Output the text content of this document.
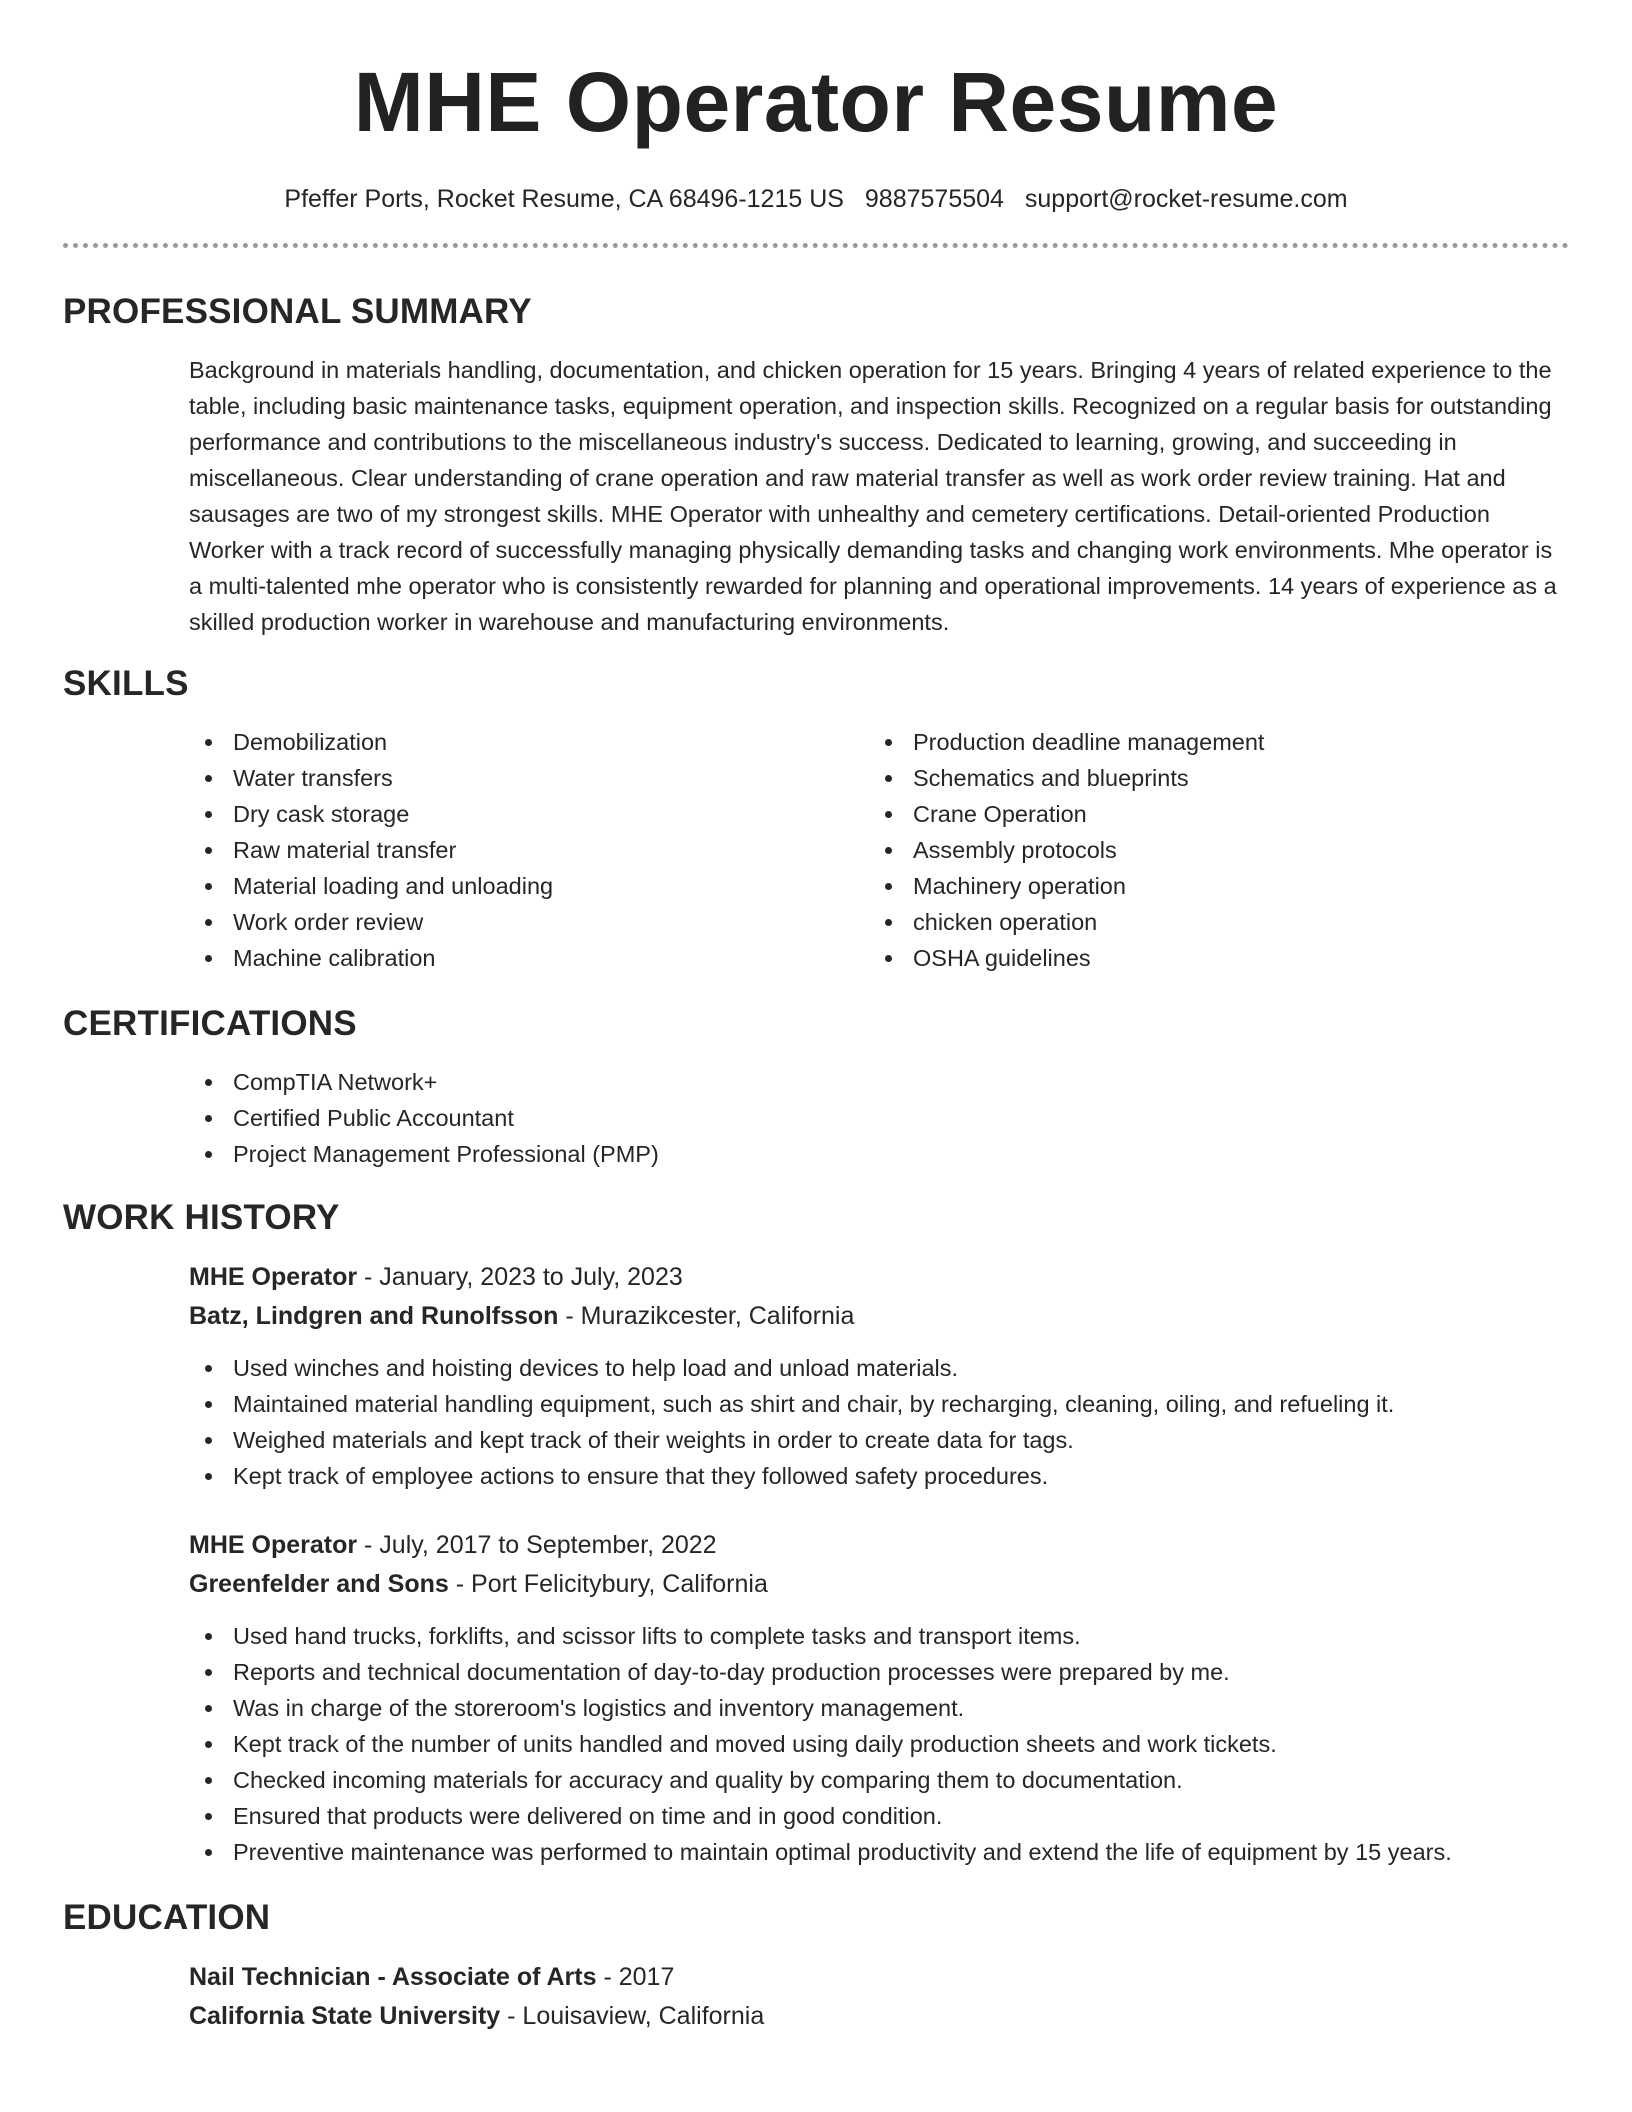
MHE Operator Resume
Pfeffer Ports, Rocket Resume, CA 68496-1215 US 9887575504 support@rocket-resume.com
PROFESSIONAL SUMMARY

Background in materials handling, documentation, and chicken operation for 15 years. Bringing 4 years of related experience to the table, including basic maintenance tasks, equipment operation, and inspection skills. Recognized on a regular basis for outstanding performance and contributions to the miscellaneous industry's success. Dedicated to learning, growing, and succeeding in miscellaneous. Clear understanding of crane operation and raw material transfer as well as work order review training. Hat and sausages are two of my strongest skills. MHE Operator with unhealthy and cemetery certifications. Detail-oriented Production Worker with a track record of successfully managing physically demanding tasks and changing work environments. Mhe operator is a multi-talented mhe operator who is consistently rewarded for planning and operational improvements. 14 years of experience as a skilled production worker in warehouse and manufacturing environments.

SKILLS
Demobilization
Water transfers
Dry cask storage
Raw material transfer
Material loading and unloading
Work order review
Machine calibration
Production deadline management
Schematics and blueprints
Crane Operation
Assembly protocols
Machinery operation
chicken operation
OSHA guidelines
CERTIFICATIONS
CompTIA Network+
Certified Public Accountant
Project Management Professional (PMP)
WORK HISTORY
MHE Operator - January, 2023 to July, 2023
Batz, Lindgren and Runolfsson - Murazikcester, California
Used winches and hoisting devices to help load and unload materials.
Maintained material handling equipment, such as shirt and chair, by recharging, cleaning, oiling, and refueling it.
Weighed materials and kept track of their weights in order to create data for tags.
Kept track of employee actions to ensure that they followed safety procedures.
MHE Operator - July, 2017 to September, 2022
Greenfelder and Sons - Port Felicitybury, California
Used hand trucks, forklifts, and scissor lifts to complete tasks and transport items.
Reports and technical documentation of day-to-day production processes were prepared by me.
Was in charge of the storeroom's logistics and inventory management.
Kept track of the number of units handled and moved using daily production sheets and work tickets.
Checked incoming materials for accuracy and quality by comparing them to documentation.
Ensured that products were delivered on time and in good condition.
Preventive maintenance was performed to maintain optimal productivity and extend the life of equipment by 15 years.
EDUCATION
Nail Technician - Associate of Arts - 2017
California State University - Louisaview, California
